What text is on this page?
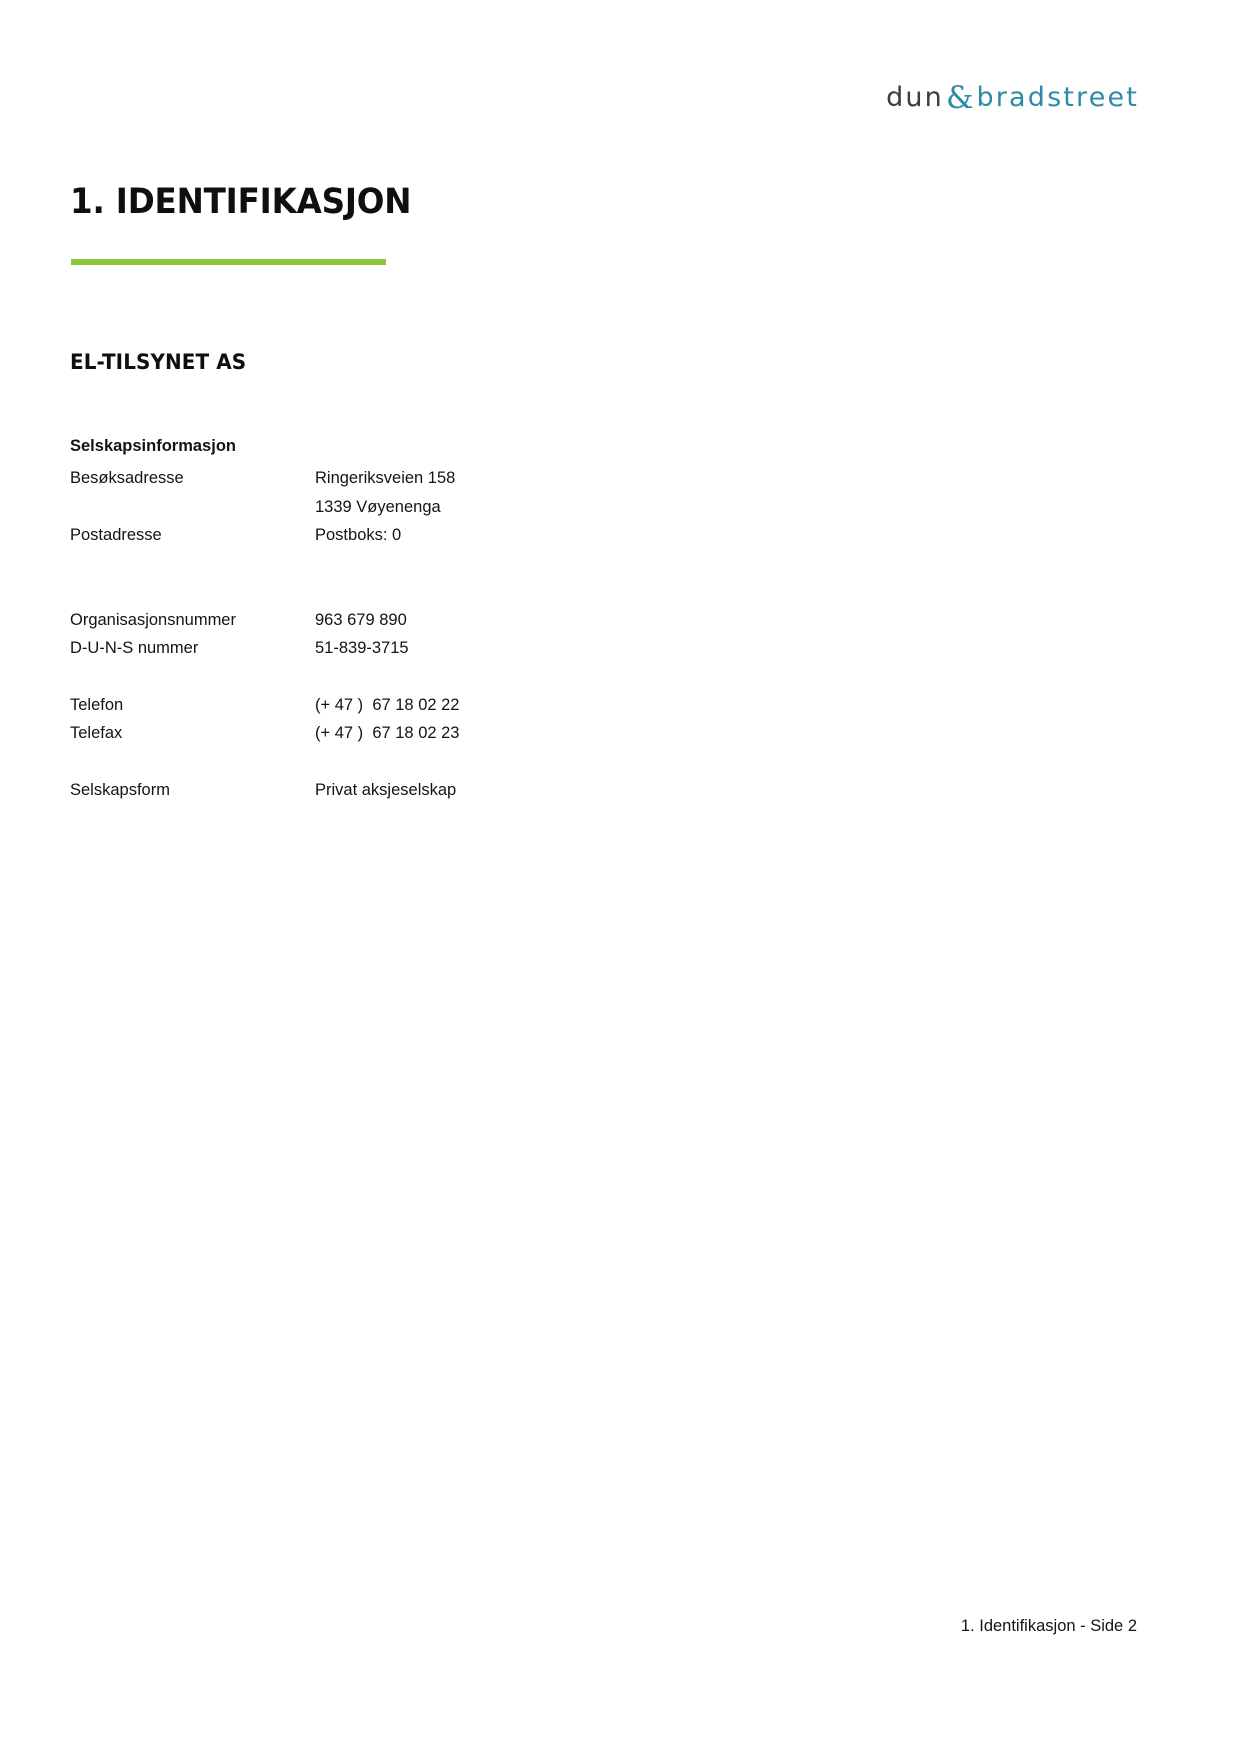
dun & bradstreet
1. IDENTIFIKASJON
EL-TILSYNET AS
Selskapsinformasjon
Besøksadresse	Ringeriksveien 158
1339 Vøyenenga
Postadresse	Postboks: 0
Organisasjonsnummer	963 679 890
D-U-N-S nummer	51-839-3715
Telefon	(+ 47 )  67 18 02 22
Telefax	(+ 47 )  67 18 02 23
Selskapsform	Privat aksjeselskap
1. Identifikasjon - Side 2
